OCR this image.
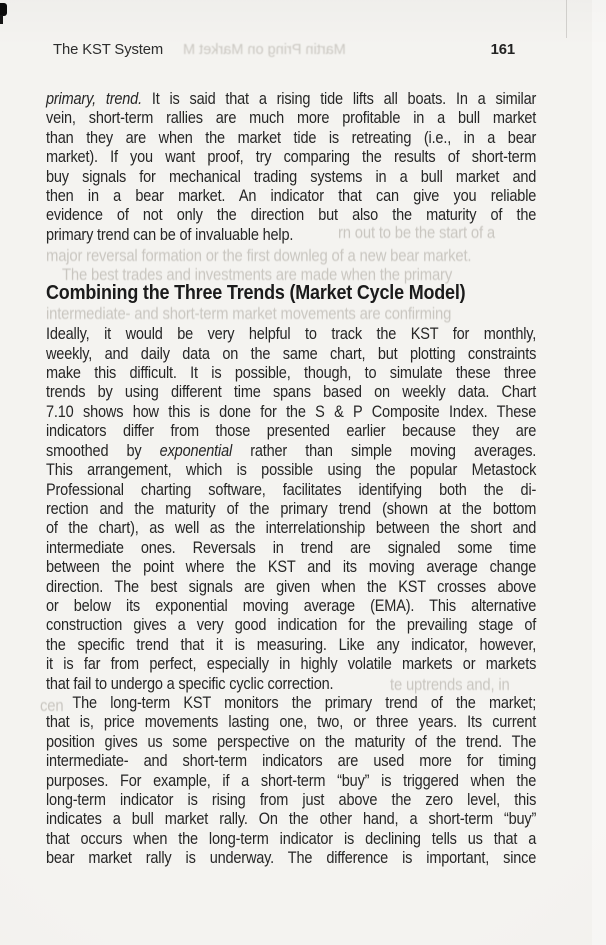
Martin Pring on Market M
rn out to be the start of a
major reversal formation or the first downleg of a new bear market.
The best trades and investments are made when the primary
intermediate- and short-term market movements are confirming
te uptrends and, in
cen
The KST System	161
primary, trend. It is said that a rising tide lifts all boats. In a similar
vein, short-term rallies are much more profitable in a bull market
than they are when the market tide is retreating (i.e., in a bear
market). If you want proof, try comparing the results of short-term
buy signals for mechanical trading systems in a bull market and
then in a bear market. An indicator that can give you reliable
evidence of not only the direction but also the maturity of the
primary trend can be of invaluable help.
Combining the Three Trends (Market Cycle Model)
Ideally, it would be very helpful to track the KST for monthly,
weekly, and daily data on the same chart, but plotting constraints
make this difficult. It is possible, though, to simulate these three
trends by using different time spans based on weekly data. Chart
7.10 shows how this is done for the S & P Composite Index. These
indicators differ from those presented earlier because they are
smoothed by exponential rather than simple moving averages.
This arrangement, which is possible using the popular Metastock
Professional charting software, facilitates identifying both the di-
rection and the maturity of the primary trend (shown at the bottom
of the chart), as well as the interrelationship between the short and
intermediate ones. Reversals in trend are signaled some time
between the point where the KST and its moving average change
direction. The best signals are given when the KST crosses above
or below its exponential moving average (EMA). This alternative
construction gives a very good indication for the prevailing stage of
the specific trend that it is measuring. Like any indicator, however,
it is far from perfect, especially in highly volatile markets or markets
that fail to undergo a specific cyclic correction.
The long-term KST monitors the primary trend of the market;
that is, price movements lasting one, two, or three years. Its current
position gives us some perspective on the maturity of the trend. The
intermediate- and short-term indicators are used more for timing
purposes. For example, if a short-term “buy” is triggered when the
long-term indicator is rising from just above the zero level, this
indicates a bull market rally. On the other hand, a short-term “buy”
that occurs when the long-term indicator is declining tells us that a
bear market rally is underway. The difference is important, since
